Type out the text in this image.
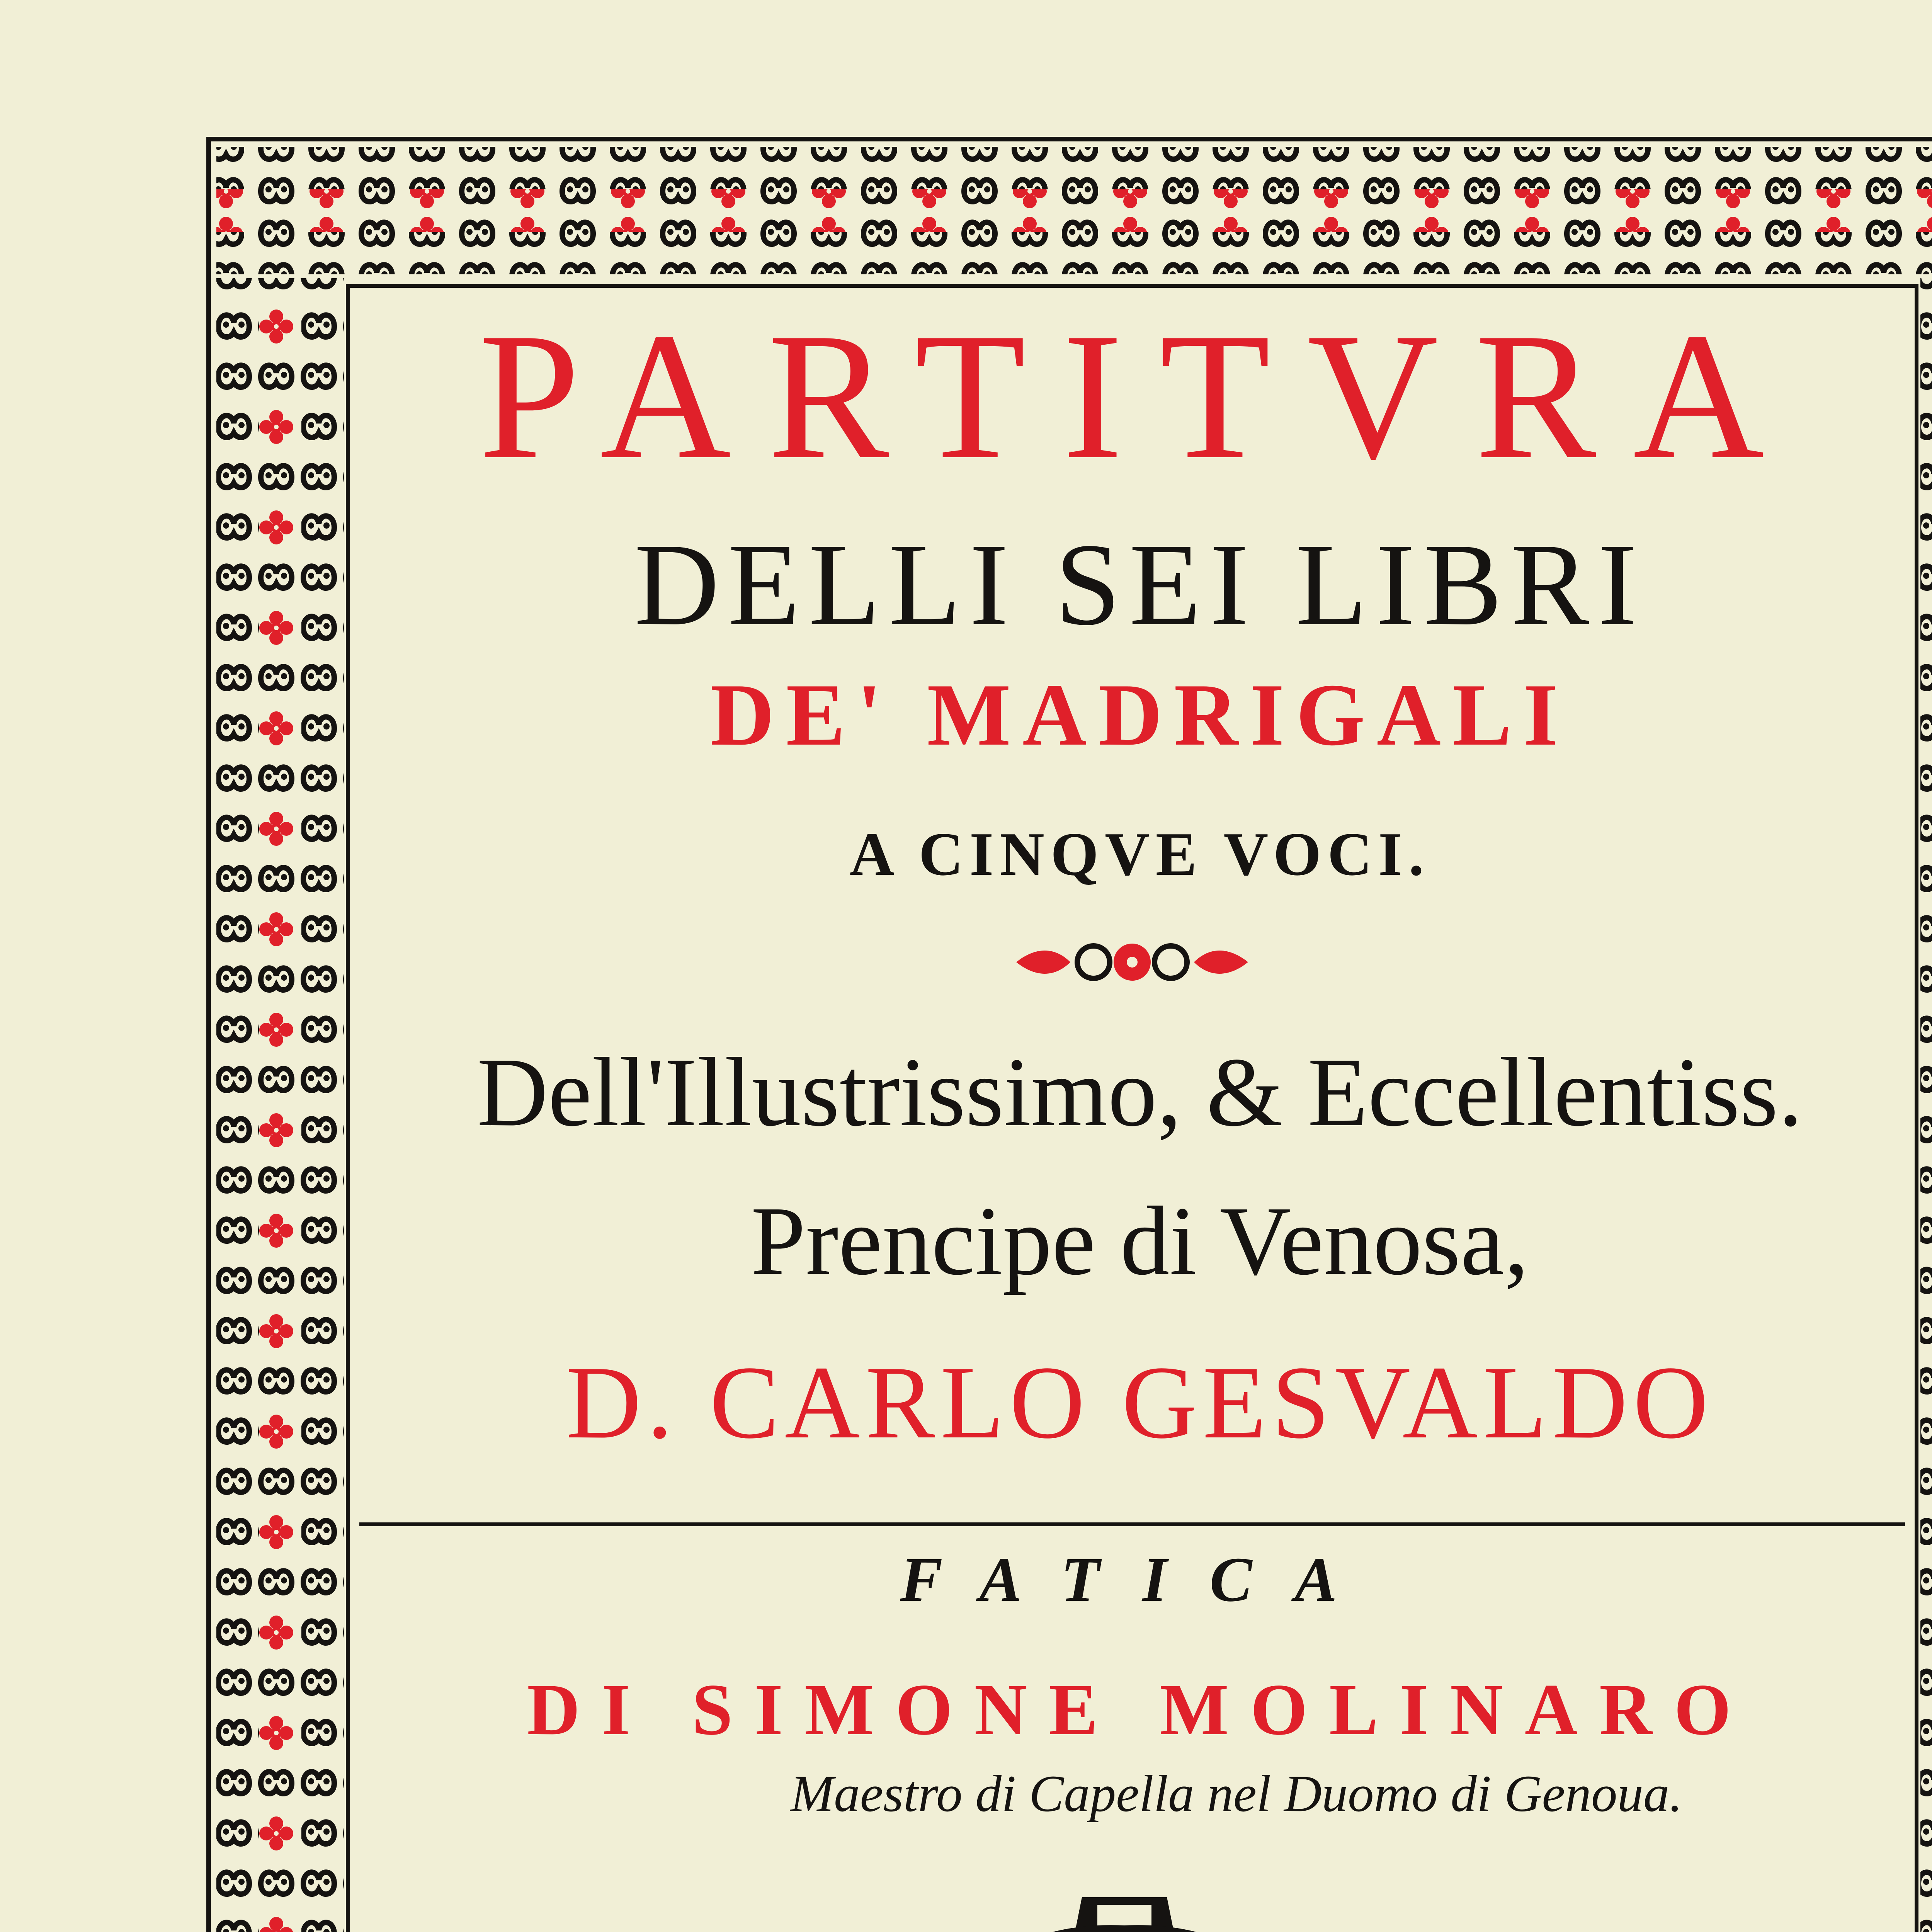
PARTITVRA
DELLI SEI LIBRI
DE' MADRIGALI
A CINQVE VOCI.
Dell'Illustrissimo, & Eccellentiss.
Prencipe di Venosa,
D. CARLO GESVALDO
FATICA
DI SIMONE MOLINARO
Maestro di Capella nel Duomo di Genoua.
